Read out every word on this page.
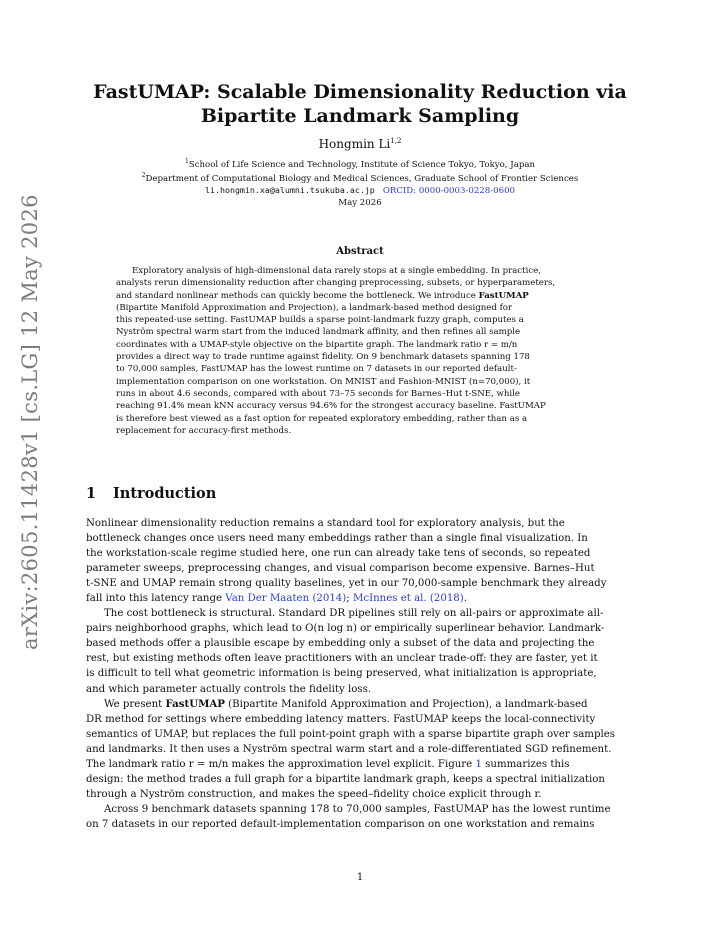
arXiv:2605.11428v1 [cs.LG] 12 May 2026
FastUMAP: Scalable Dimensionality Reduction via
Bipartite Landmark Sampling
Hongmin Li$^{1,2}$
$^1$School of Life Science and Technology, Institute of Science Tokyo, Tokyo, Japan
$^2$Department of Computational Biology and Medical Sciences, Graduate School of Frontier Sciences
li.hongmin.xa@alumni.tsukuba.ac.jp ORCID: 0000-0003-0228-0600
May 2026
Abstract
Exploratory analysis of high-dimensional data rarely stops at a single embedding. In practice,
analysts rerun dimensionality reduction after changing preprocessing, subsets, or hyperparameters,
and standard nonlinear methods can quickly become the bottleneck. We introduce FastUMAP
(Bipartite Manifold Approximation and Projection), a landmark-based method designed for
this repeated-use setting. FastUMAP builds a sparse point-landmark fuzzy graph, computes a
Nyström spectral warm start from the induced landmark affinity, and then refines all sample
coordinates with a UMAP-style objective on the bipartite graph. The landmark ratio r = m/n
provides a direct way to trade runtime against fidelity. On 9 benchmark datasets spanning 178
to 70,000 samples, FastUMAP has the lowest runtime on 7 datasets in our reported default-
implementation comparison on one workstation. On MNIST and Fashion-MNIST (n=70,000), it
runs in about 4.6 seconds, compared with about 73–75 seconds for Barnes–Hut t-SNE, while
reaching 91.4% mean kNN accuracy versus 94.6% for the strongest accuracy baseline. FastUMAP
is therefore best viewed as a fast option for repeated exploratory embedding, rather than as a
replacement for accuracy-first methods.
1 Introduction
Nonlinear dimensionality reduction remains a standard tool for exploratory analysis, but the
bottleneck changes once users need many embeddings rather than a single final visualization. In
the workstation-scale regime studied here, one run can already take tens of seconds, so repeated
parameter sweeps, preprocessing changes, and visual comparison become expensive. Barnes–Hut
t-SNE and UMAP remain strong quality baselines, yet in our 70,000-sample benchmark they already
fall into this latency range Van Der Maaten (2014); McInnes et al. (2018).
The cost bottleneck is structural. Standard DR pipelines still rely on all-pairs or approximate all-
pairs neighborhood graphs, which lead to O(n log n) or empirically superlinear behavior. Landmark-
based methods offer a plausible escape by embedding only a subset of the data and projecting the
rest, but existing methods often leave practitioners with an unclear trade-off: they are faster, yet it
is difficult to tell what geometric information is being preserved, what initialization is appropriate,
and which parameter actually controls the fidelity loss.
We present FastUMAP (Bipartite Manifold Approximation and Projection), a landmark-based
DR method for settings where embedding latency matters. FastUMAP keeps the local-connectivity
semantics of UMAP, but replaces the full point-point graph with a sparse bipartite graph over samples
and landmarks. It then uses a Nyström spectral warm start and a role-differentiated SGD refinement.
The landmark ratio r = m/n makes the approximation level explicit. Figure 1 summarizes this
design: the method trades a full graph for a bipartite landmark graph, keeps a spectral initialization
through a Nyström construction, and makes the speed–fidelity choice explicit through r.
Across 9 benchmark datasets spanning 178 to 70,000 samples, FastUMAP has the lowest runtime
on 7 datasets in our reported default-implementation comparison on one workstation and remains
1
